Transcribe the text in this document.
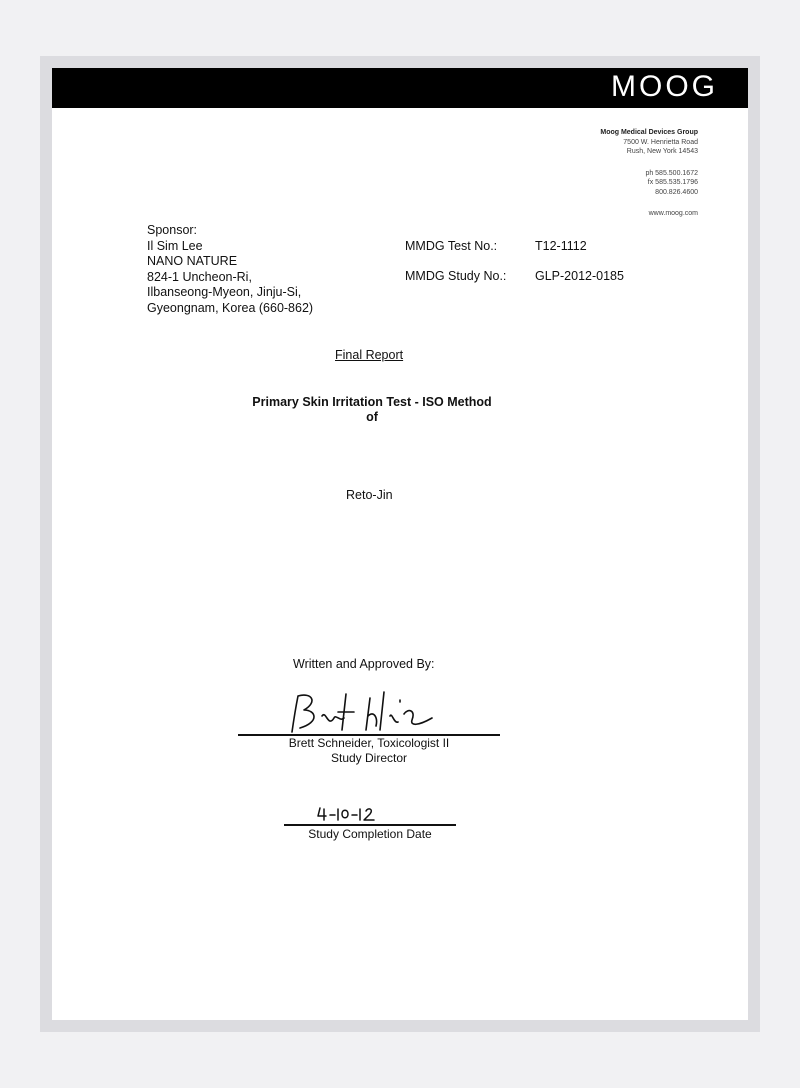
MOOG
Moog Medical Devices Group
7500 W. Henrietta Road
Rush, New York 14543
ph 585.500.1672
fx 585.535.1796
800.826.4600
www.moog.com
Sponsor:
Il Sim Lee
NANO NATURE
824-1 Uncheon-Ri,
Ilbanseong-Myeon, Jinju-Si,
Gyeongnam, Korea (660-862)
MMDG Test No.:	T12-1112
MMDG Study No.: GLP-2012-0185
Final Report
Primary Skin Irritation Test - ISO Method
of
Reto-Jin
Written and Approved By:
Brett Schneider, Toxicologist II
Study Director
Study Completion Date
